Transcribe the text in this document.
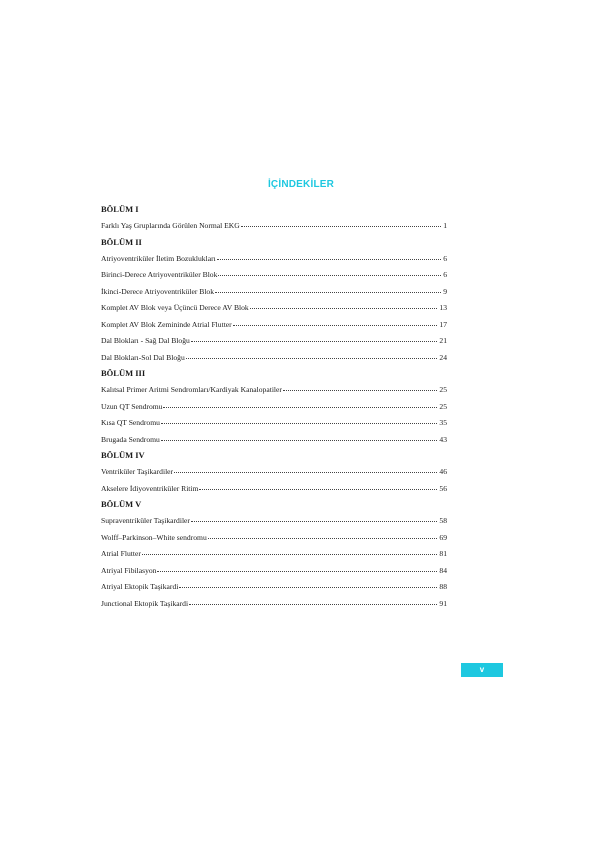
İÇİNDEKİLER
BÖLÜM I
Farklı Yaş Gruplarında Görülen Normal EKG	1
BÖLÜM II
Atriyoventriküler İletim Bozuklukları	6
Birinci-Derece Atriyoventriküler Blok	6
İkinci-Derece Atriyoventriküler Blok	9
Komplet AV Blok veya Üçüncü Derece AV Blok	13
Komplet AV Blok Zemininde Atrial Flutter	17
Dal Blokları - Sağ Dal Bloğu	21
Dal Blokları-Sol Dal Bloğu	24
BÖLÜM III
Kalıtsal Primer Aritmi Sendromları/Kardiyak Kanalopatiler	25
Uzun QT Sendromu	25
Kısa QT Sendromu	35
Brugada Sendromu	43
BÖLÜM IV
Ventriküler Taşikardiler	46
Akselere İdiyoventriküler Ritim	56
BÖLÜM V
Supraventriküler Taşikardiler	58
Wolff–Parkinson–White sendromu	69
Atrial Flutter	81
Atriyal Fibilasyon	84
Atriyal Ektopik Taşikardi	88
Junctional Ektopik Taşikardi	91
v
